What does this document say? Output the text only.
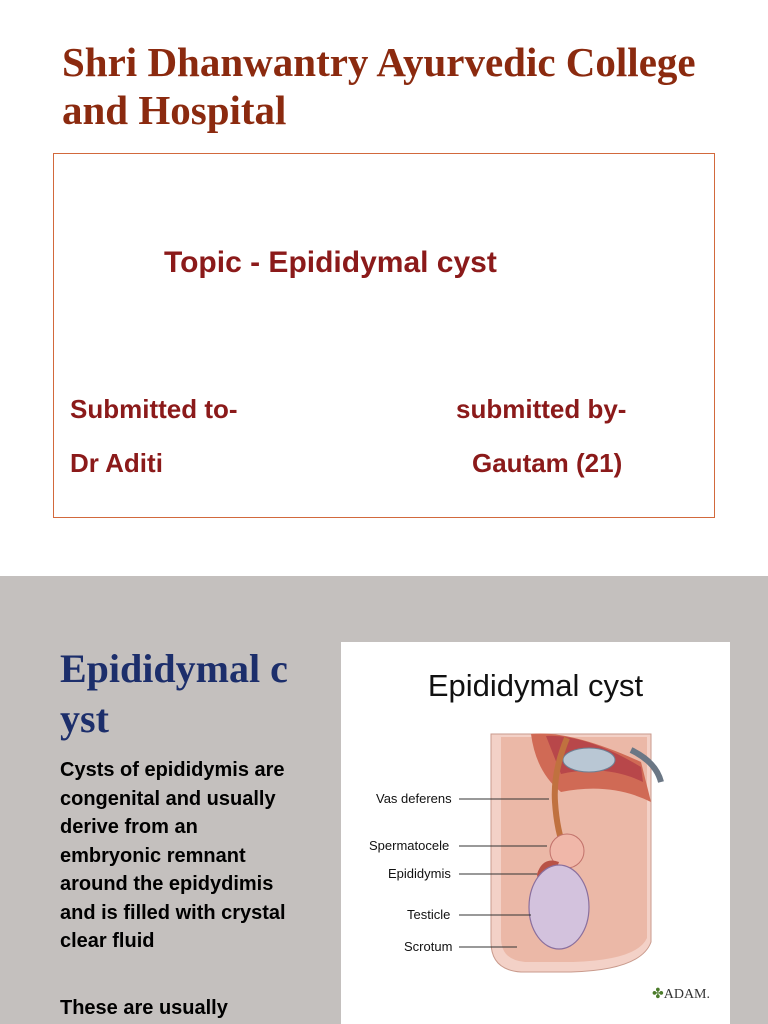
Shri Dhanwantry Ayurvedic College and Hospital
Topic - Epididymal cyst
Submitted to-
Dr Aditi
submitted by-
Gautam (21)
Epididymal cyst

Cysts of epididymis are congenital and usually derive from an embryonic remnant around the epidydimis and is filled with crystal clear fluid

These are usually

Epididymal cyst
Vas deferens
Spermatocele
Epididymis
Testicle
Scrotum
✤ADAM.
